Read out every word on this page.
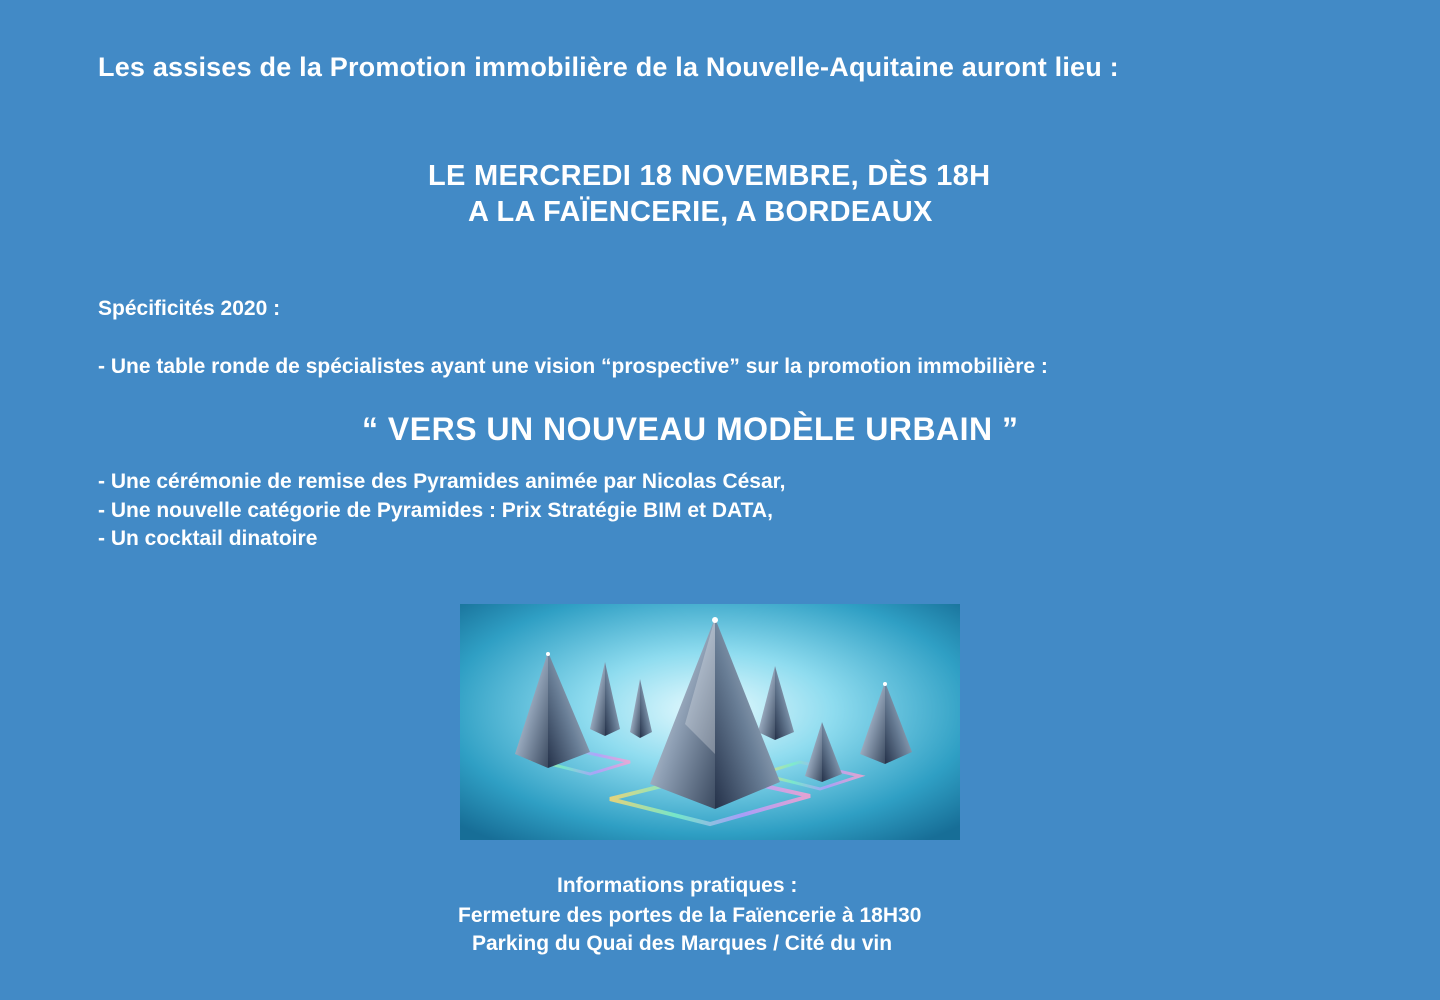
Les assises de la Promotion immobilière de la Nouvelle-Aquitaine auront lieu :

LE MERCREDI 18 NOVEMBRE, DÈS 18H

A LA FAÏENCERIE, A BORDEAUX

Spécificités 2020 :

- Une table ronde de spécialistes ayant une vision “prospective” sur la promotion immobilière :

“ VERS UN NOUVEAU MODÈLE URBAIN ”

- Une cérémonie de remise des Pyramides animée par Nicolas César,

- Une nouvelle catégorie de Pyramides : Prix Stratégie BIM et DATA,

- Un cocktail dinatoire

Informations pratiques :

Fermeture des portes de la Faïencerie à 18H30

Parking du Quai des Marques / Cité du vin
